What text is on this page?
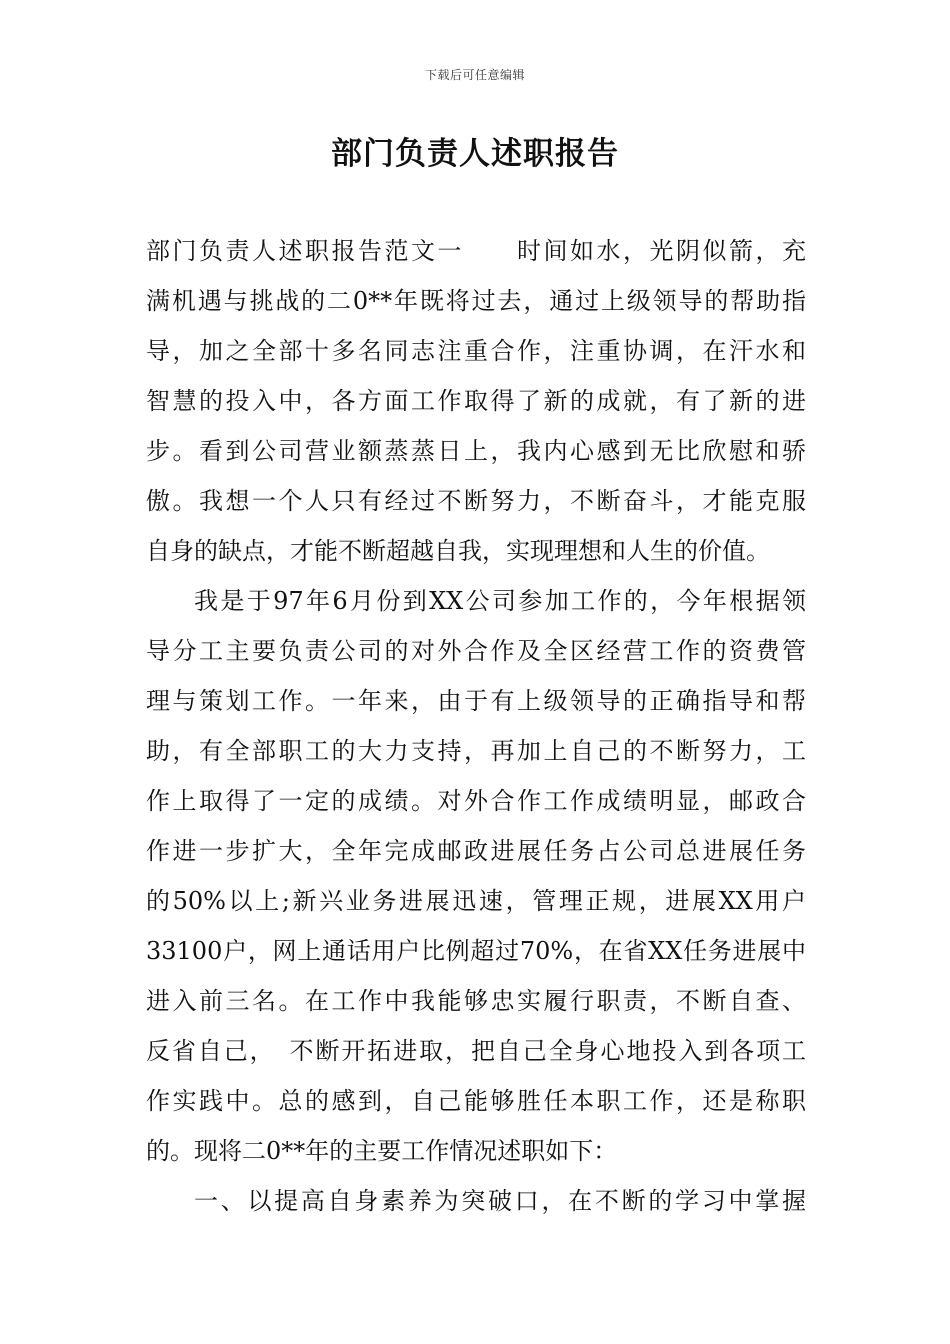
下载后可任意编辑
部门负责人述职报告
部门负责人述职报告范文一　　时间如水，光阴似箭，充
满机遇与挑战的二0**年既将过去，通过上级领导的帮助指
导，加之全部十多名同志注重合作，注重协调，在汗水和
智慧的投入中，各方面工作取得了新的成就，有了新的进
步。看到公司营业额蒸蒸日上，我内心感到无比欣慰和骄
傲。我想一个人只有经过不断努力，不断奋斗，才能克服
自身的缺点，才能不断超越自我，实现理想和人生的价值。
我是于97年6月份到XX公司参加工作的，今年根据领
导分工主要负责公司的对外合作及全区经营工作的资费管
理与策划工作。一年来，由于有上级领导的正确指导和帮
助，有全部职工的大力支持，再加上自己的不断努力，工
作上取得了一定的成绩。对外合作工作成绩明显，邮政合
作进一步扩大，全年完成邮政进展任务占公司总进展任务
的50%以上;新兴业务进展迅速，管理正规，进展XX用户
33100户，网上通话用户比例超过70%，在省XX任务进展中
进入前三名。在工作中我能够忠实履行职责，不断自查、
反省自己，　不断开拓进取，把自己全身心地投入到各项工
作实践中。总的感到，自己能够胜任本职工作，还是称职
的。现将二0**年的主要工作情况述职如下：
一、以提高自身素养为突破口，在不断的学习中掌握
